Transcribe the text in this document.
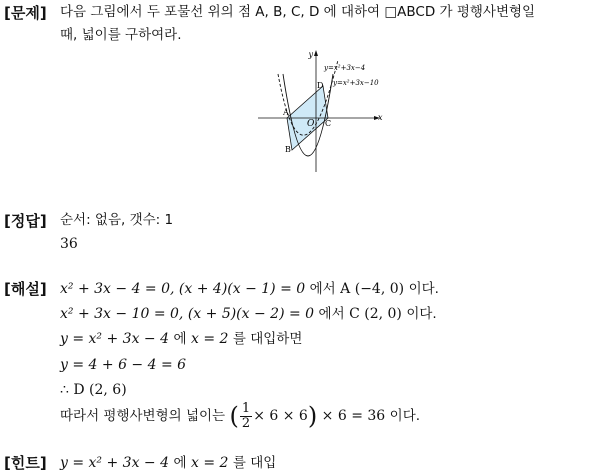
[문제] 다음 그림에서 두 포물선 위의 점 A, B, C, D 에 대하여 □ABCD 가 평행사변형일
때, 넓이를 구하여라.
y
x
O
A
B
C
D
y=x²+3x−4
y=x²+3x−10
[정답] 순서: 없음, 갯수: 1
36
[해설] x² + 3x − 4 = 0, (x + 4)(x − 1) = 0 에서 A (−4, 0) 이다.
x² + 3x − 10 = 0, (x + 5)(x − 2) = 0 에서 C (2, 0) 이다.
y = x² + 3x − 4 에 x = 2 를 대입하면
y = 4 + 6 − 4 = 6
∴ D (2, 6)
따라서 평행사변형의 넓이는 ( $\frac{1}{2} \times 6 \times 6) \times 6 = 36$ 이다.
[힌트] y = x² + 3x − 4 에 x = 2 를 대입
